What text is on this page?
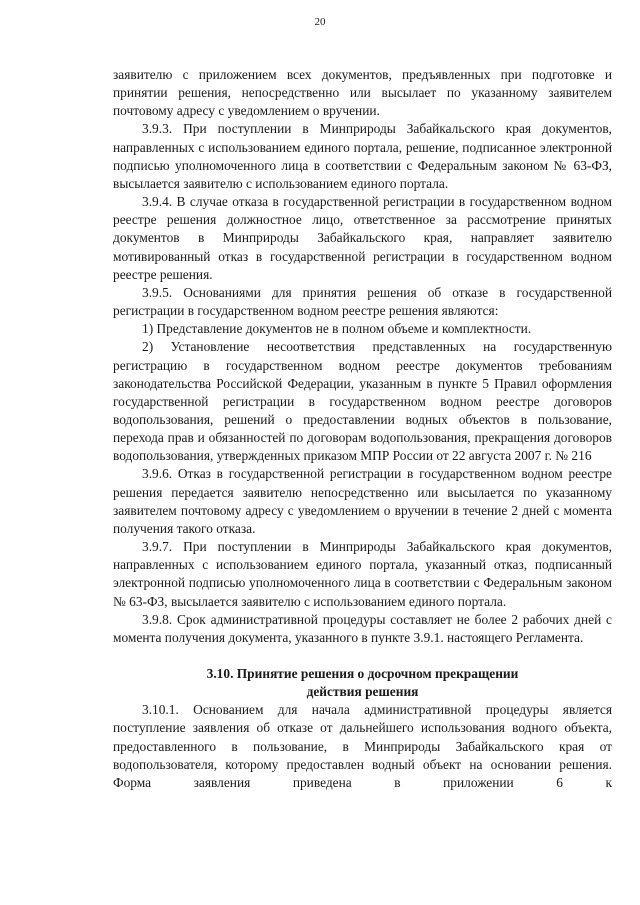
20

заявителю с приложением всех документов, предъявленных при подготовке и принятии решения, непосредственно или высылает по указанному заявителем почтовому адресу с уведомлением о вручении.

3.9.3. При поступлении в Минприроды Забайкальского края документов, направленных с использованием единого портала, решение, подписанное электронной подписью уполномоченного лица в соответствии с Федеральным законом № 63-ФЗ, высылается заявителю с использованием единого портала.

3.9.4. В случае отказа в государственной регистрации в государственном водном реестре решения должностное лицо, ответственное за рассмотрение принятых документов в Минприроды Забайкальского края, направляет заявителю мотивированный отказ в государственной регистрации в государственном водном реестре решения.

3.9.5. Основаниями для принятия решения об отказе в государственной регистрации в государственном водном реестре решения являются:

1) Представление документов не в полном объеме и комплектности.

2) Установление несоответствия представленных на государственную регистрацию в государственном водном реестре документов требованиям законодательства Российской Федерации, указанным в пункте 5 Правил оформления государственной регистрации в государственном водном реестре договоров водопользования, решений о предоставлении водных объектов в пользование, перехода прав и обязанностей по договорам водопользования, прекращения договоров водопользования, утвержденных приказом МПР России от 22 августа 2007 г. № 216

3.9.6. Отказ в государственной регистрации в государственном водном реестре решения передается заявителю непосредственно или высылается по указанному заявителем почтовому адресу с уведомлением о вручении в течение 2 дней с момента получения такого отказа.

3.9.7. При поступлении в Минприроды Забайкальского края документов, направленных с использованием единого портала, указанный отказ, подписанный электронной подписью уполномоченного лица в соответствии с Федеральным законом № 63-ФЗ, высылается заявителю с использованием единого портала.

3.9.8. Срок административной процедуры составляет не более 2 рабочих дней с момента получения документа, указанного в пункте 3.9.1. настоящего Регламента.

3.10. Принятие решения о досрочном прекращении
действия решения

3.10.1. Основанием для начала административной процедуры является поступление заявления об отказе от дальнейшего использования водного объекта, предоставленного в пользование, в Минприроды Забайкальского края от водопользователя, которому предоставлен водный объект на основании решения. Форма заявления приведена в приложении 6 к
